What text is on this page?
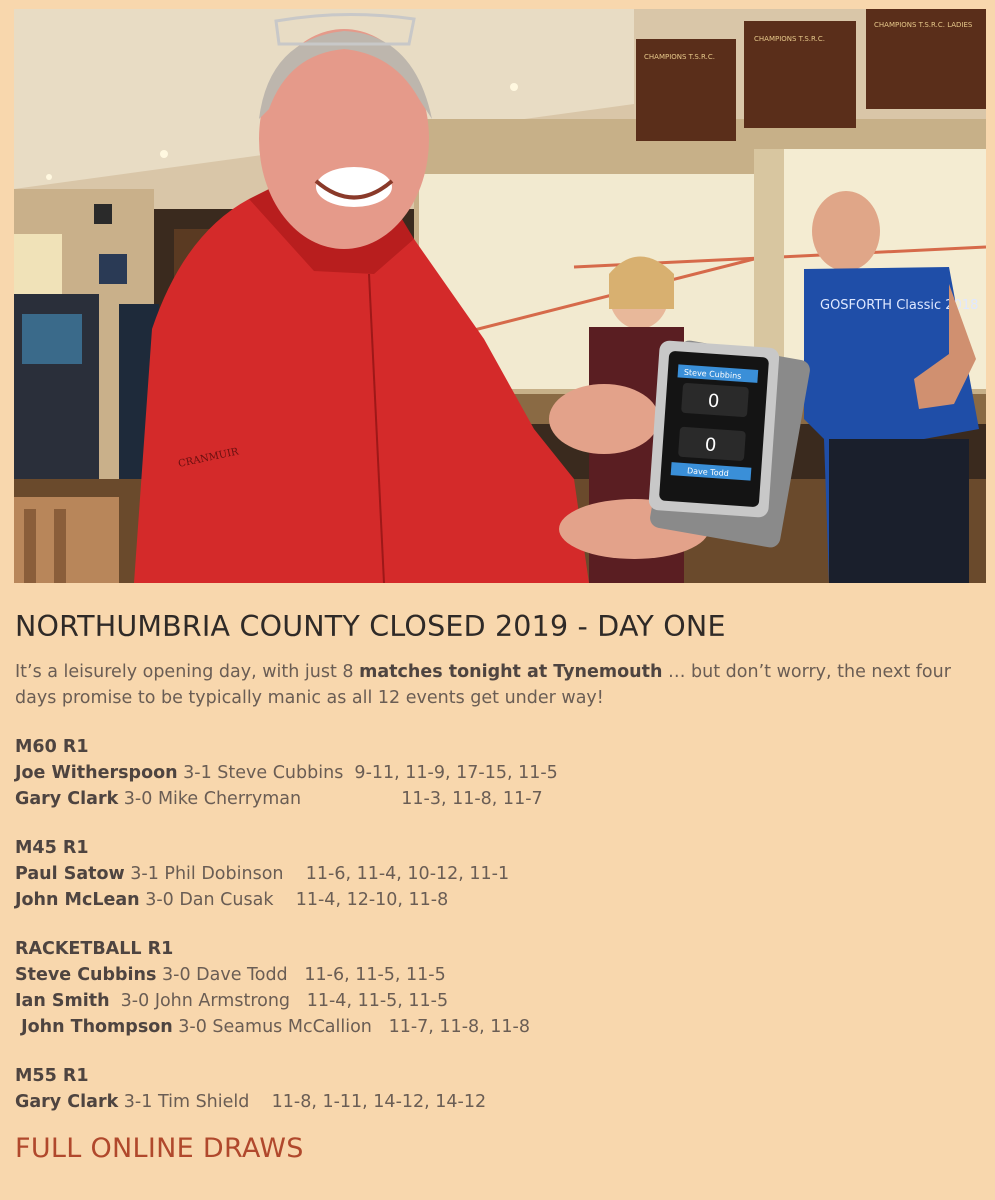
CHAMPIONS T.S.R.C.
CHAMPIONS T.S.R.C.
CHAMPIONS T.S.R.C. LADIES
GOSFORTH Classic 2018
CRANMUIR
Steve Cubbins
0
0
Dave Todd
NORTHUMBRIA COUNTY CLOSED 2019 - DAY ONE

It’s a leisurely opening day, with just 8 matches tonight at Tynemouth … but don’t worry, the next four days promise to be typically manic as all 12 events get under way!

M60 R1
Joe Witherspoon 3-1 Steve Cubbins  9-11, 11-9, 17-15, 11-5
Gary Clark 3-0 Mike Cherryman                  11-3, 11-8, 11-7
M45 R1
Paul Satow 3-1 Phil Dobinson    11-6, 11-4, 10-12, 11-1
John McLean 3-0 Dan Cusak    11-4, 12-10, 11-8
RACKETBALL R1
Steve Cubbins 3-0 Dave Todd   11-6, 11-5, 11-5
Ian Smith  3-0 John Armstrong   11-4, 11-5, 11-5
John Thompson 3-0 Seamus McCallion   11-7, 11-8, 11-8
M55 R1
Gary Clark 3-1 Tim Shield    11-8, 1-11, 14-12, 14-12
FULL ONLINE DRAWS
